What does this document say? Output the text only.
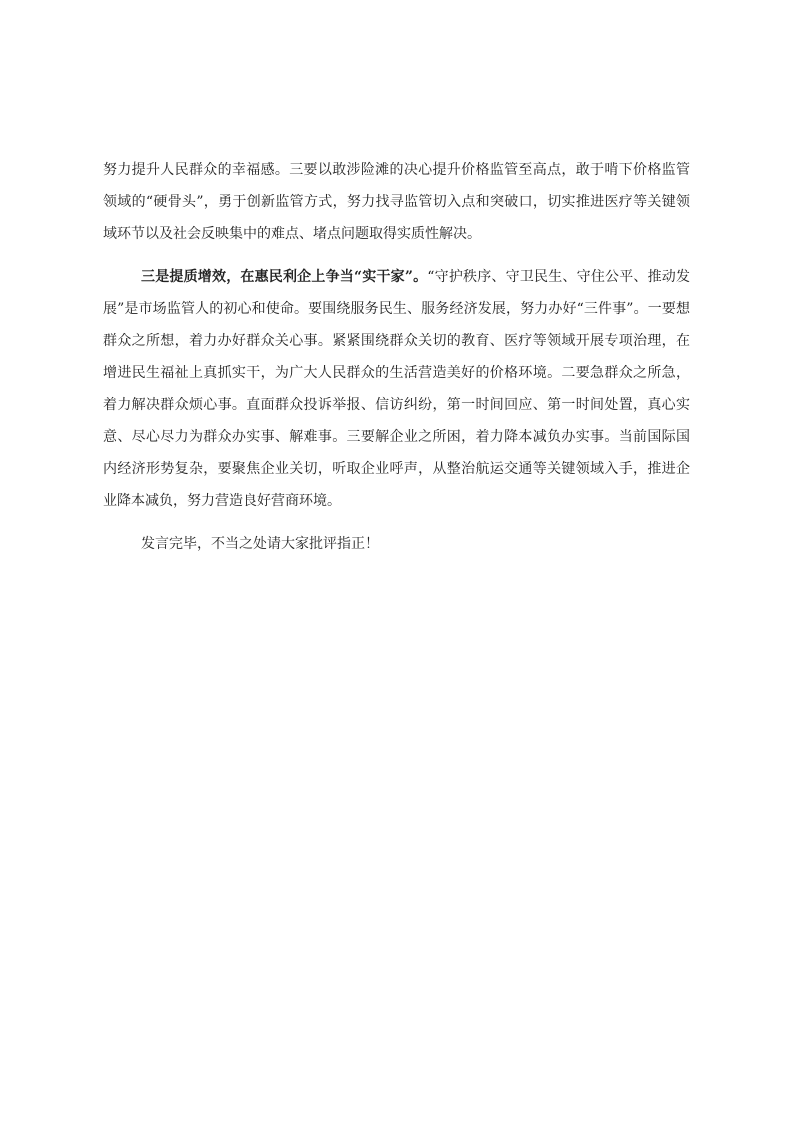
努力提升人民群众的幸福感。三要以敢涉险滩的决心提升价格监管至高点，敢于啃下价格监管领域的“硬骨头”，勇于创新监管方式，努力找寻监管切入点和突破口，切实推进医疗等关键领域环节以及社会反映集中的难点、堵点问题取得实质性解决。

三是提质增效，在惠民利企上争当“实干家”。“守护秩序、守卫民生、守住公平、推动发展”是市场监管人的初心和使命。要围绕服务民生、服务经济发展，努力办好“三件事”。一要想群众之所想，着力办好群众关心事。紧紧围绕群众关切的教育、医疗等领域开展专项治理，在增进民生福祉上真抓实干，为广大人民群众的生活营造美好的价格环境。二要急群众之所急，着力解决群众烦心事。直面群众投诉举报、信访纠纷，第一时间回应、第一时间处置，真心实意、尽心尽力为群众办实事、解难事。三要解企业之所困，着力降本减负办实事。当前国际国内经济形势复杂，要聚焦企业关切，听取企业呼声，从整治航运交通等关键领域入手，推进企业降本减负，努力营造良好营商环境。

发言完毕，不当之处请大家批评指正！
